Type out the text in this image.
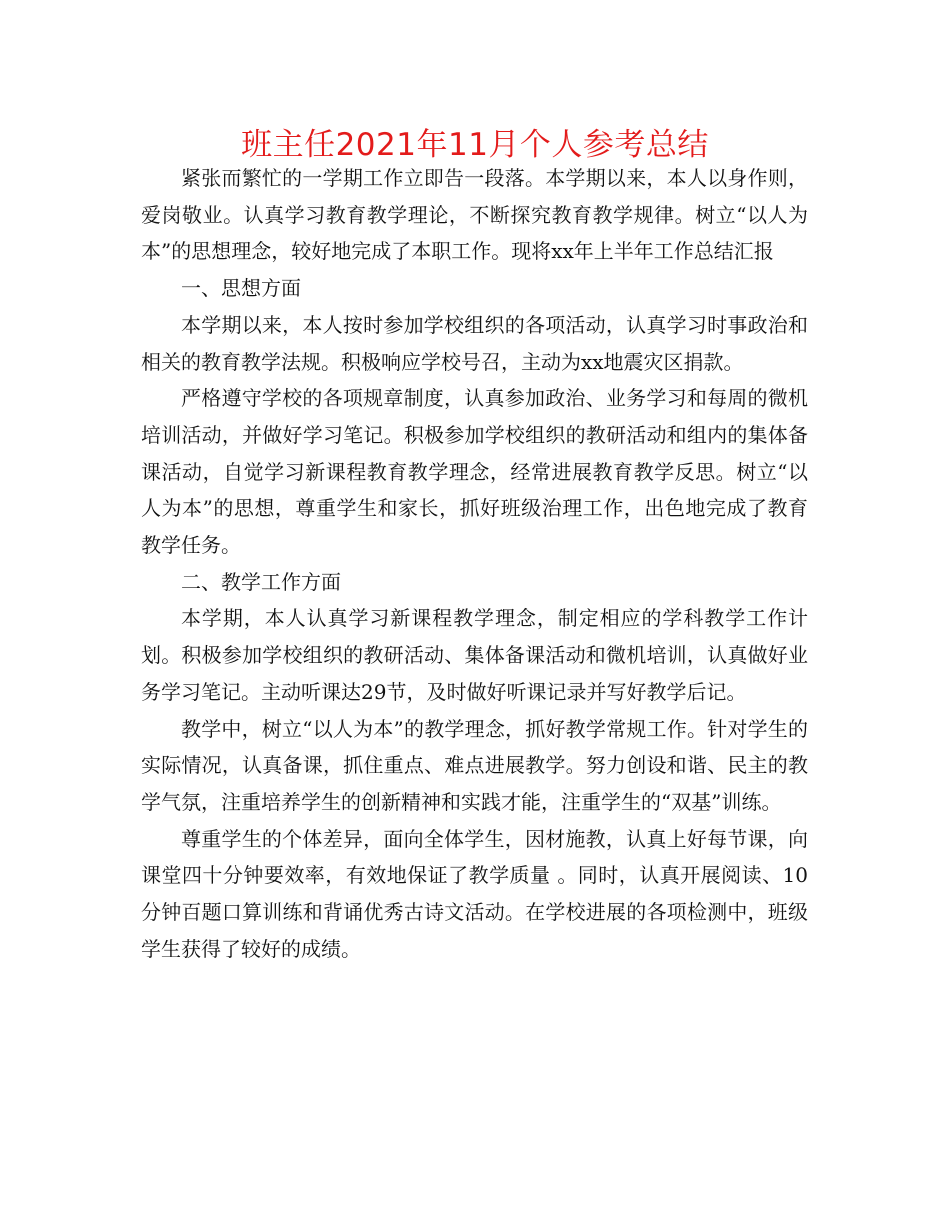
班主任2021年11月个人参考总结

紧张而繁忙的一学期工作立即告一段落。本学期以来，本人以身作则，爱岗敬业。认真学习教育教学理论，不断探究教育教学规律。树立“以人为本”的思想理念，较好地完成了本职工作。现将xx年上半年工作总结汇报

一、思想方面

本学期以来，本人按时参加学校组织的各项活动，认真学习时事政治和相关的教育教学法规。积极响应学校号召，主动为xx地震灾区捐款。

严格遵守学校的各项规章制度，认真参加政治、业务学习和每周的微机培训活动，并做好学习笔记。积极参加学校组织的教研活动和组内的集体备课活动，自觉学习新课程教育教学理念，经常进展教育教学反思。树立“以人为本”的思想，尊重学生和家长，抓好班级治理工作，出色地完成了教育教学任务。

二、教学工作方面

本学期，本人认真学习新课程教学理念，制定相应的学科教学工作计划。积极参加学校组织的教研活动、集体备课活动和微机培训，认真做好业务学习笔记。主动听课达29节，及时做好听课记录并写好教学后记。

教学中，树立“以人为本”的教学理念，抓好教学常规工作。针对学生的实际情况，认真备课，抓住重点、难点进展教学。努力创设和谐、民主的教学气氛，注重培养学生的创新精神和实践才能，注重学生的“双基”训练。

尊重学生的个体差异，面向全体学生，因材施教，认真上好每节课，向课堂四十分钟要效率，有效地保证了教学质量 。同时，认真开展阅读、10分钟百题口算训练和背诵优秀古诗文活动。在学校进展的各项检测中，班级学生获得了较好的成绩。
